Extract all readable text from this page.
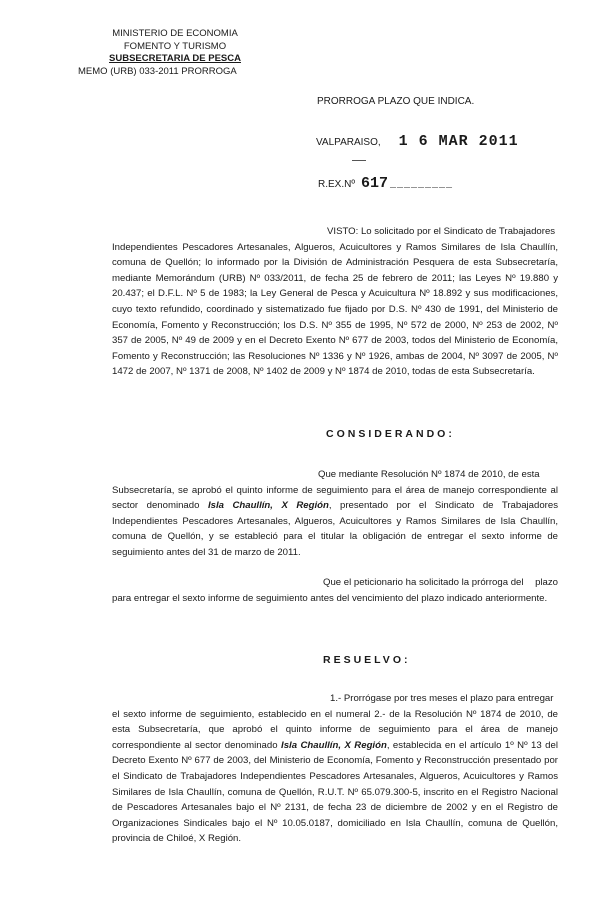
MINISTERIO DE ECONOMIA
FOMENTO Y TURISMO
SUBSECRETARIA DE PESCA
MEMO (URB) 033-2011 PRORROGA
PRORROGA PLAZO QUE INDICA.
VALPARAISO, 1 6 MAR 2011
R.EX.Nº 617 _________
VISTO: Lo solicitado por el Sindicato de Trabajadores Independientes Pescadores Artesanales, Algueros, Acuicultores y Ramos Similares de Isla Chaullín, comuna de Quellón; lo informado por la División de Administración Pesquera de esta Subsecretaría, mediante Memorándum (URB) Nº 033/2011, de fecha 25 de febrero de 2011; las Leyes Nº 19.880 y 20.437; el D.F.L. Nº 5 de 1983; la Ley General de Pesca y Acuicultura Nº 18.892 y sus modificaciones, cuyo texto refundido, coordinado y sistematizado fue fijado por D.S. Nº 430 de 1991, del Ministerio de Economía, Fomento y Reconstrucción; los D.S. Nº 355 de 1995, Nº 572 de 2000, Nº 253 de 2002, Nº 357 de 2005, Nº 49 de 2009 y en el Decreto Exento Nº 677 de 2003, todos del Ministerio de Economía, Fomento y Reconstrucción; las Resoluciones Nº 1336 y Nº 1926, ambas de 2004, Nº 3097 de 2005, Nº 1472 de 2007, Nº 1371 de 2008, Nº 1402 de 2009 y Nº 1874 de 2010, todas de esta Subsecretaría.
CONSIDERANDO:
Que mediante Resolución Nº 1874 de 2010, de esta Subsecretaría, se aprobó el quinto informe de seguimiento para el área de manejo correspondiente al sector denominado Isla Chaullín, X Región, presentado por el Sindicato de Trabajadores Independientes Pescadores Artesanales, Algueros, Acuicultores y Ramos Similares de Isla Chaullín, comuna de Quellón, y se estableció para el titular la obligación de entregar el sexto informe de seguimiento antes del 31 de marzo de 2011.
Que el peticionario ha solicitado la prórroga del plazo para entregar el sexto informe de seguimiento antes del vencimiento del plazo indicado anteriormente.
RESUELVO:
1.- Prorrógase por tres meses el plazo para entregar el sexto informe de seguimiento, establecido en el numeral 2.- de la Resolución Nº 1874 de 2010, de esta Subsecretaría, que aprobó el quinto informe de seguimiento para el área de manejo correspondiente al sector denominado Isla Chaullín, X Región, establecida en el artículo 1º Nº 13 del Decreto Exento Nº 677 de 2003, del Ministerio de Economía, Fomento y Reconstrucción presentado por el Sindicato de Trabajadores Independientes Pescadores Artesanales, Algueros, Acuicultores y Ramos Similares de Isla Chaullín, comuna de Quellón, R.U.T. Nº 65.079.300-5, inscrito en el Registro Nacional de Pescadores Artesanales bajo el Nº 2131, de fecha 23 de diciembre de 2002 y en el Registro de Organizaciones Sindicales bajo el Nº 10.05.0187, domiciliado en Isla Chaullín, comuna de Quellón, provincia de Chiloé, X Región.
